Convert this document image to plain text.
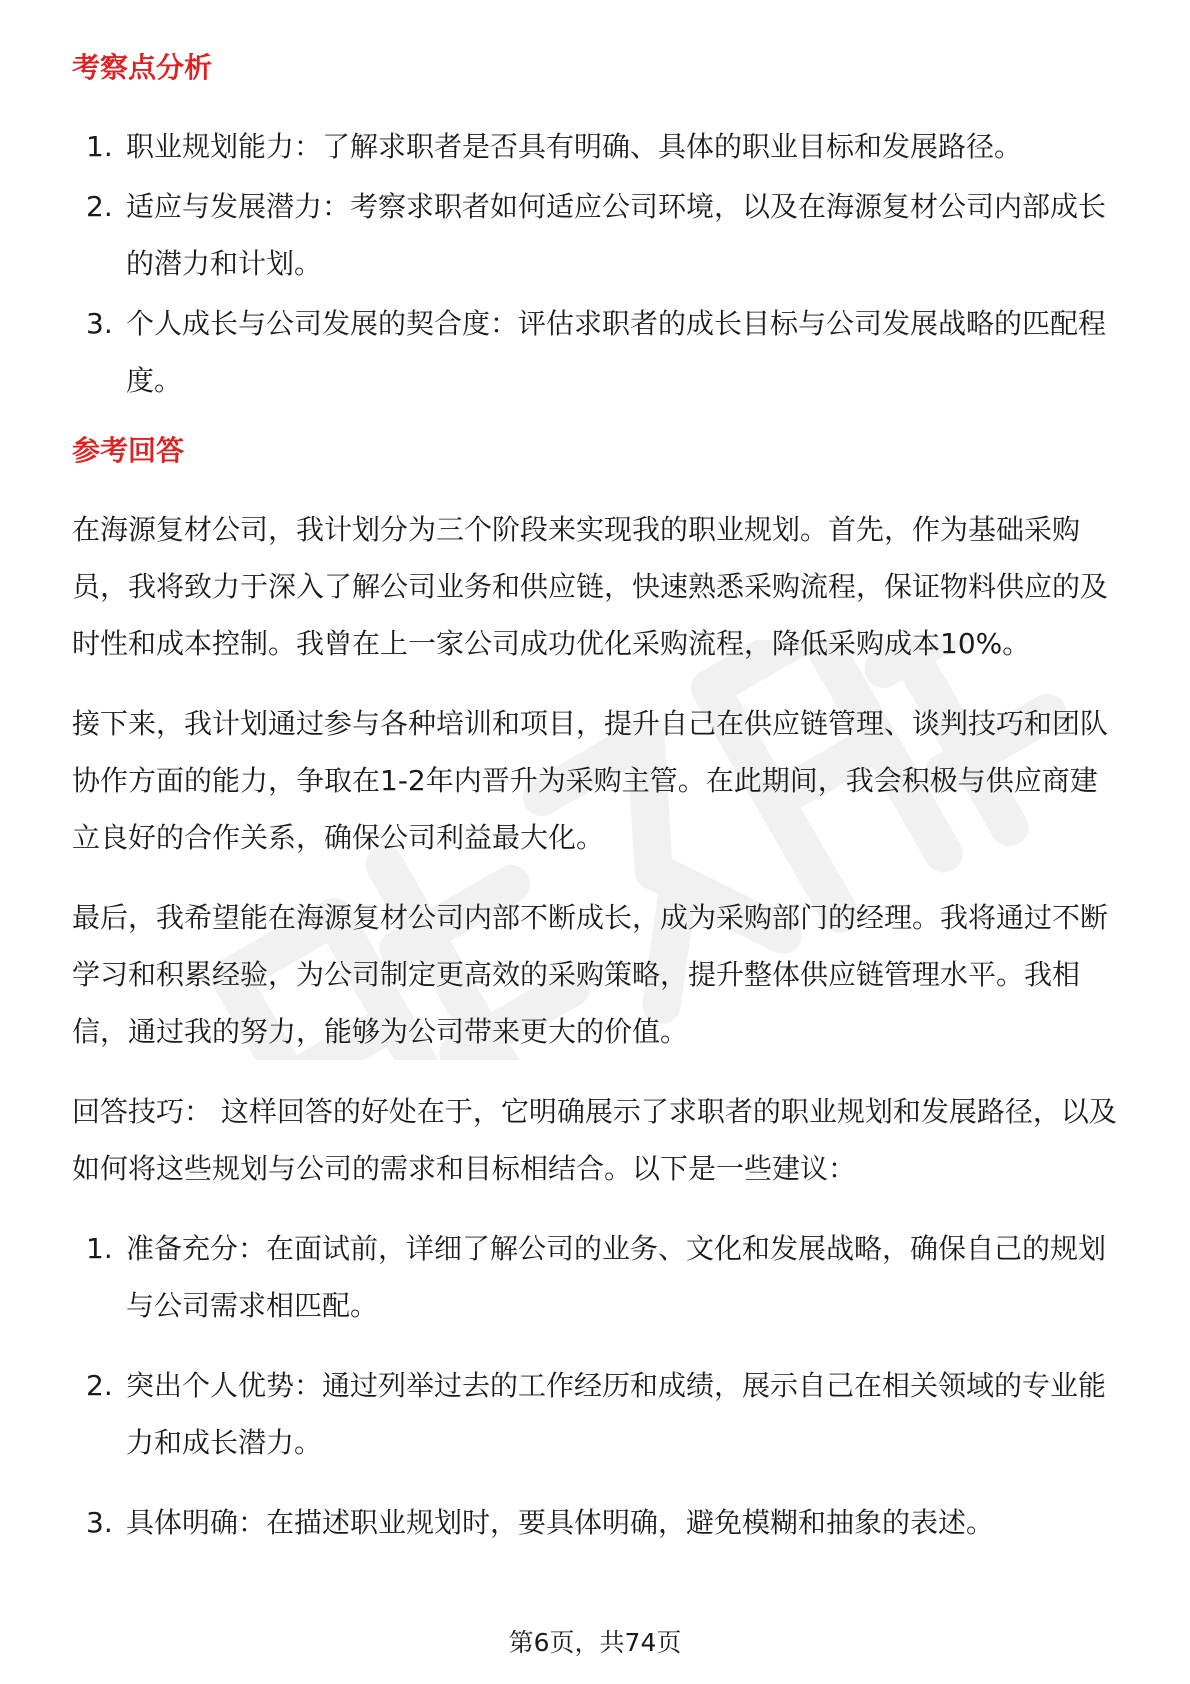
考察点分析
1. 职业规划能力：了解求职者是否具有明确、具体的职业目标和发展路径。
2. 适应与发展潜力：考察求职者如何适应公司环境，以及在海源复材公司内部成长的潜力和计划。
3. 个人成长与公司发展的契合度：评估求职者的成长目标与公司发展战略的匹配程度。
参考回答

在海源复材公司，我计划分为三个阶段来实现我的职业规划。首先，作为基础采购员，我将致力于深入了解公司业务和供应链，快速熟悉采购流程，保证物料供应的及时性和成本控制。我曾在上一家公司成功优化采购流程，降低采购成本10%。

接下来，我计划通过参与各种培训和项目，提升自己在供应链管理、谈判技巧和团队协作方面的能力，争取在1-2年内晋升为采购主管。在此期间，我会积极与供应商建立良好的合作关系，确保公司利益最大化。

最后，我希望能在海源复材公司内部不断成长，成为采购部门的经理。我将通过不断学习和积累经验，为公司制定更高效的采购策略，提升整体供应链管理水平。我相信，通过我的努力，能够为公司带来更大的价值。

回答技巧： 这样回答的好处在于，它明确展示了求职者的职业规划和发展路径，以及如何将这些规划与公司的需求和目标相结合。以下是一些建议：

1. 准备充分：在面试前，详细了解公司的业务、文化和发展战略，确保自己的规划与公司需求相匹配。
2. 突出个人优势：通过列举过去的工作经历和成绩，展示自己在相关领域的专业能力和成长潜力。
3. 具体明确：在描述职业规划时，要具体明确，避免模糊和抽象的表述。
第6页，共74页
